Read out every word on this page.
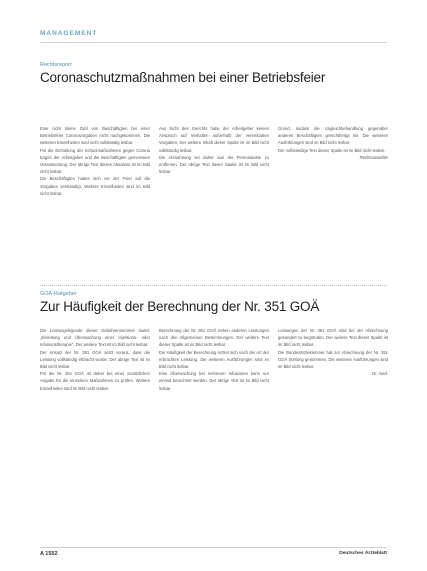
MANAGEMENT
Rechtsreport
Coronaschutzmaßnahmen bei einer Betriebsfeier

Eine nicht kleine Zahl von Beschäftigten bei einer Betriebsfeier Coronavorgaben nicht nachgekommen. Die weiteren Einzelheiten sind nicht vollständig lesbar.

Für die Einhaltung der Schutzmaßnahmen gegen Corona tragen der Arbeitgeber und die Beschäftigten gemeinsam Verantwortung. Der übrige Text dieses Absatzes ist im Bild nicht lesbar.

Die Beschäftigten hatten sich vor der Feier auf die Vorgaben verständigt. Weitere Einzelheiten sind im Bild nicht lesbar.

Aus Sicht des Gerichts habe der Arbeitgeber keinen Anspruch auf Verhalten außerhalb der vereinbarten Vorgaben. Der weitere Inhalt dieser Spalte ist im Bild nicht vollständig lesbar.

Die Abmahnung sei daher aus der Personalakte zu entfernen. Der übrige Text dieser Spalte ist im Bild nicht lesbar.

Grund, sodass die Ungleichbehandlung gegenüber anderen Beschäftigten gerechtfertigt sei. Die weiteren Ausführungen sind im Bild nicht lesbar.

Der vollständige Text dieser Spalte ist im Bild nicht lesbar.

Rechtsanwältin

GOÄ-Ratgeber
Zur Häufigkeit der Berechnung der Nr. 351 GOÄ

Die Leistungslegende dieser Gebührennummer lautet: „Einleitung und Überwachung einer Injektions- oder Infusionstherapie“. Der weitere Text ist im Bild nicht lesbar.

Der Ansatz der Nr. 351 GOÄ setzt voraus, dass die Leistung vollständig erbracht wurde. Der übrige Text ist im Bild nicht lesbar.

Für die Nr. 351 GOÄ ist daher bei einer zusätzlichen Angabe für die einzelnen Maßnahmen zu prüfen. Weitere Einzelheiten sind im Bild nicht lesbar.

Berechnung der Nr. 351 GOÄ neben anderen Leistungen nach den Allgemeinen Bestimmungen. Der weitere Text dieser Spalte ist im Bild nicht lesbar.

Die Häufigkeit der Berechnung richtet sich nach der Art der erbrachten Leistung. Die weiteren Ausführungen sind im Bild nicht lesbar.

Eine Überwachung bei mehreren Infusionen kann nur einmal berechnet werden. Der übrige Text ist im Bild nicht lesbar.

Leistungen der Nr. 351 GOÄ sind bei der Abrechnung gesondert zu begründen. Der weitere Text dieser Spalte ist im Bild nicht lesbar.

Die Bundesärztekammer hat zur Abrechnung der Nr. 351 GOÄ Stellung genommen. Die weiteren Ausführungen sind im Bild nicht lesbar.

Dr. med.

A 1552	Deutsches Ärzteblatt
